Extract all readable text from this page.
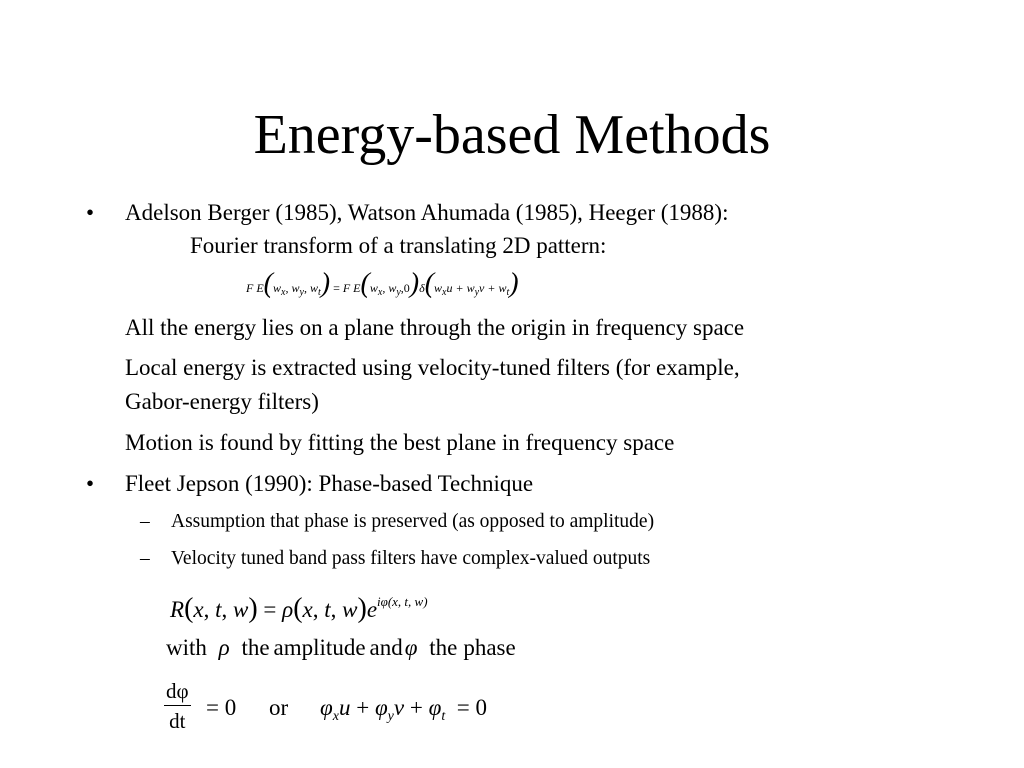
Energy-based Methods
• Adelson Berger (1985), Watson Ahumada (1985), Heeger (1988):
Fourier transform of a translating 2D pattern:
F $E(w_x$, $w_y$, $w_t) = F$ $E(w_x$, $w_y,0)\delta(w_xu + w_yv + w_t)$
All the energy lies on a plane through the origin in frequency space
Local energy is extracted using velocity-tuned filters (for example,
Gabor-energy filters)
Motion is found by fitting the best plane in frequency space
• Fleet Jepson (1990): Phase-based Technique
– Assumption that phase is preserved (as opposed to amplitude)
– Velocity tuned band pass filters have complex-valued outputs
R(x, t, w) = ρ(x, t, $w)e^{i\varphi(x, t, w)}$
with ρ the amplitude andφ the phase
$\frac{d\varphi}{dt} = 0$ or $\varphi_xu + \varphi_yv + \varphi_t = 0$
